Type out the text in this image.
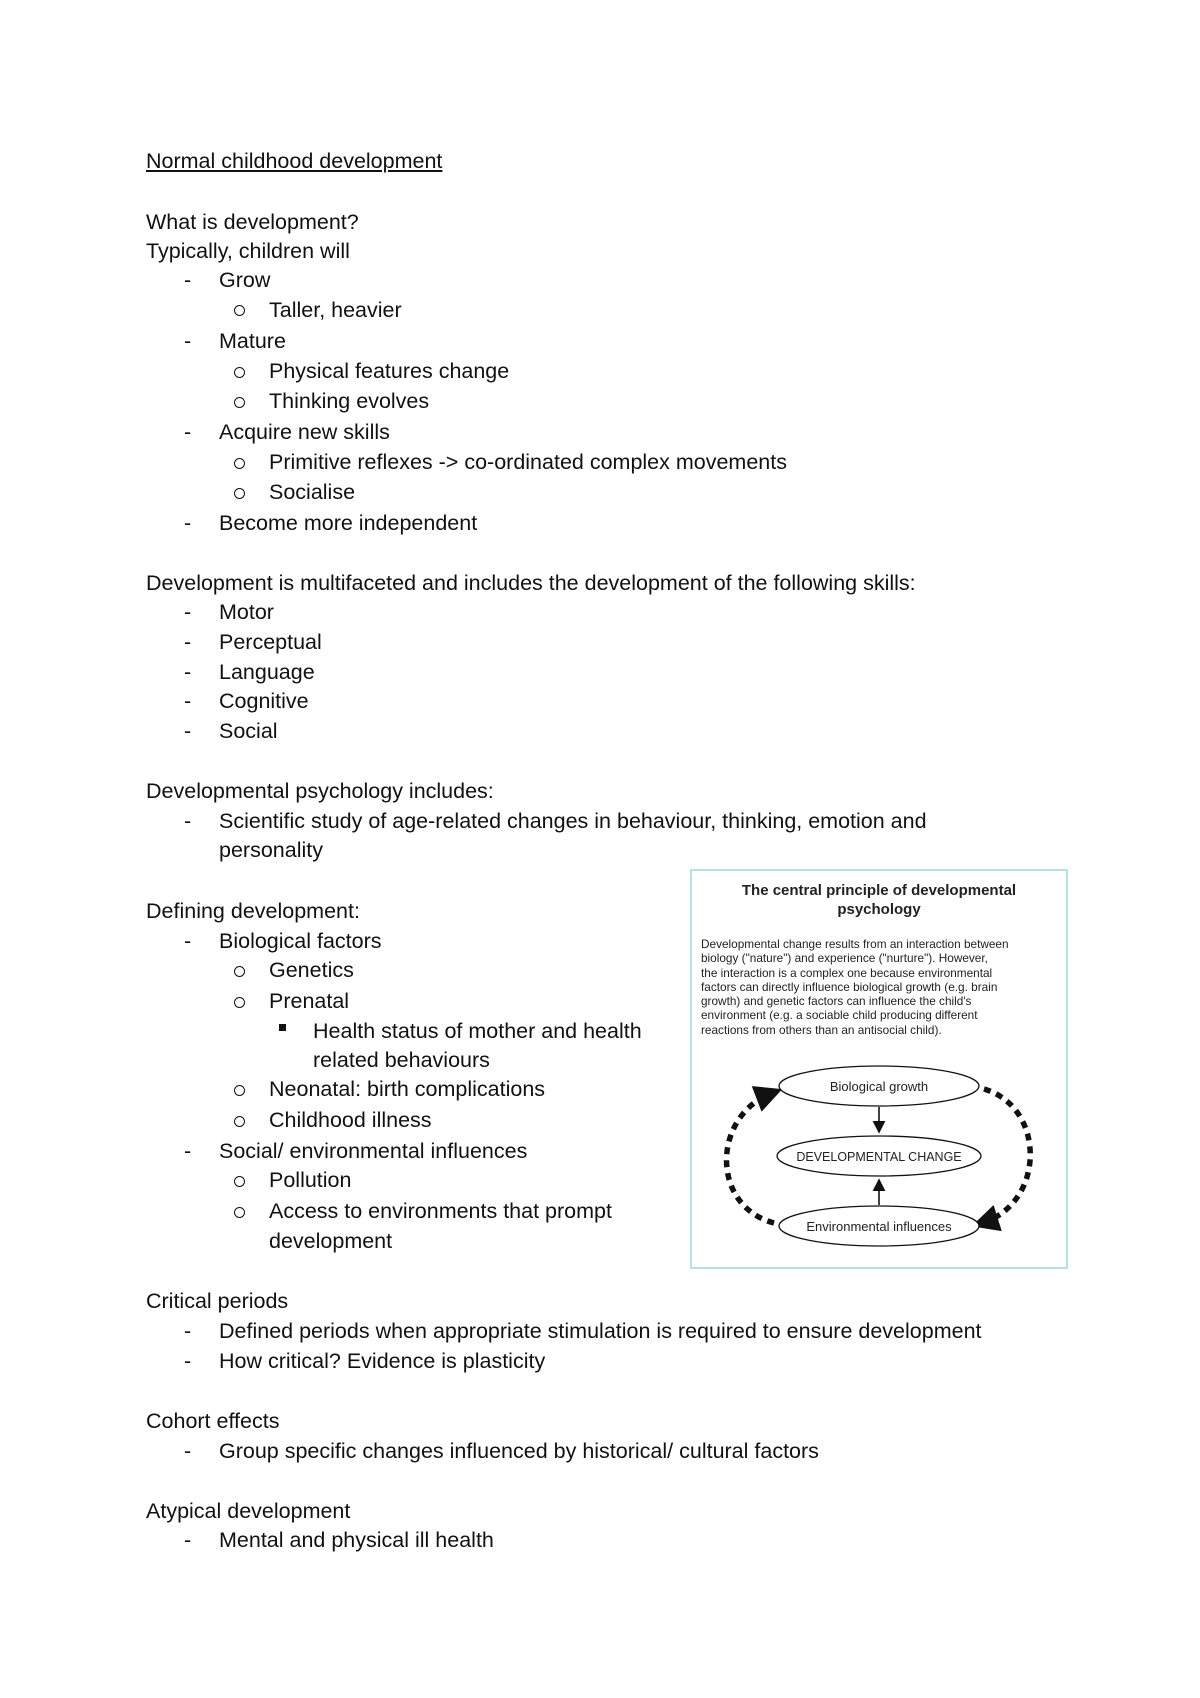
Normal childhood development
What is development?
Typically, children will
- Grow
Taller, heavier
- Mature
Physical features change
Thinking evolves
- Acquire new skills
Primitive reflexes -> co-ordinated complex movements
Socialise
- Become more independent
Development is multifaceted and includes the development of the following skills:
- Motor
- Perceptual
- Language
- Cognitive
- Social
Developmental psychology includes:
- Scientific study of age-related changes in behaviour, thinking, emotion and
personality
Defining development:
- Biological factors
Genetics
Prenatal
Health status of mother and health
related behaviours
Neonatal: birth complications
Childhood illness
- Social/ environmental influences
Pollution
Access to environments that prompt
development
Critical periods
- Defined periods when appropriate stimulation is required to ensure development
- How critical? Evidence is plasticity
Cohort effects
- Group specific changes influenced by historical/ cultural factors
Atypical development
- Mental and physical ill health
The central principle of developmental
psychology
Developmental change results from an interaction between
biology ("nature") and experience ("nurture"). However,
the interaction is a complex one because environmental
factors can directly influence biological growth (e.g. brain
growth) and genetic factors can influence the child's
environment (e.g. a sociable child producing different
reactions from others than an antisocial child).
Biological growth
DEVELOPMENTAL CHANGE
Environmental influences
